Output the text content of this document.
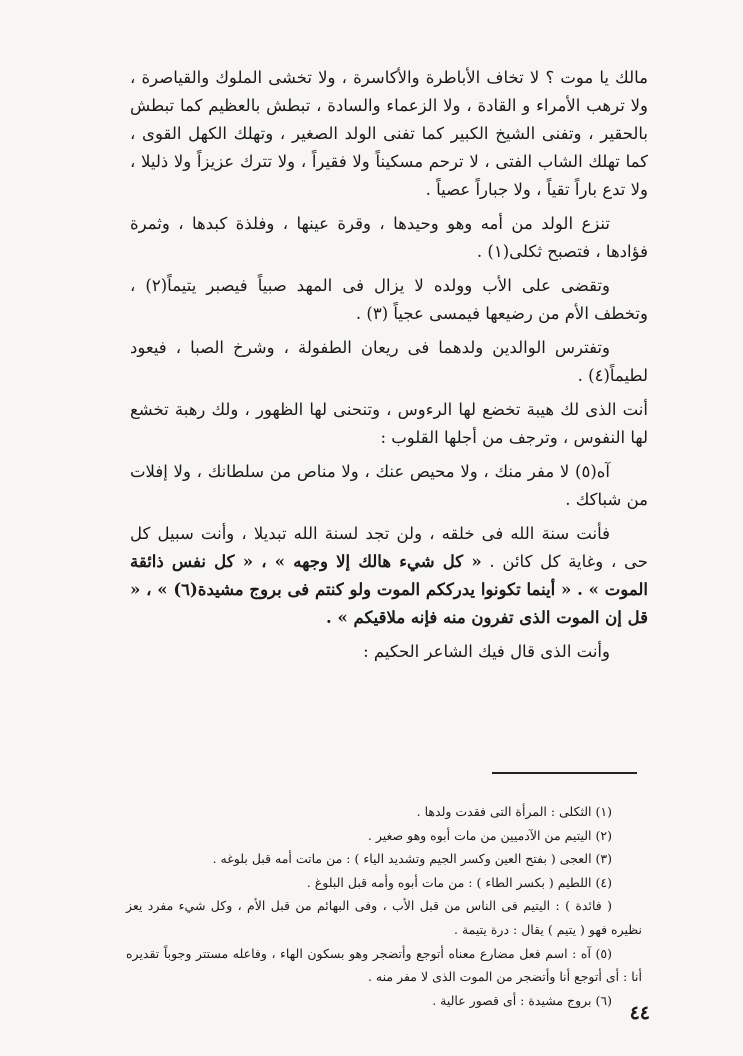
مالك يا موت ؟ لا تخاف الأباطرة والأكاسرة ، ولا تخشى الملوك والقياصرة ، ولا ترهب الأمراء و القادة ، ولا الزعماء والسادة ، تبطش بالعظيم كما تبطش بالحقير ، وتفنى الشيخ الكبير كما تفنى الولد الصغير ، وتهلك الكهل القوى ، كما تهلك الشاب الفتى ، لا ترحم مسكيناً ولا فقيراً ، ولا تترك عزيزاً ولا ذليلا ، ولا تدع باراً تقياً ، ولا جباراً عصياً .

تنزع الولد من أمه وهو وحيدها ، وقرة عينها ، وفلذة كبدها ، وثمرة فؤادها ، فتصبح ثكلى(١) .

وتقضى على الأب وولده لا يزال فى المهد صبياً فيصبر يتيماً(٢) ، وتخطف الأم من رضيعها فيمسى عجياً (٣) .

وتفترس الوالدين ولدهما فى ريعان الطفولة ، وشرخ الصبا ، فيعود لطيماً(٤) .

أنت الذى لك هيبة تخضع لها الرءوس ، وتنحنى لها الظهور ، ولك رهبة تخشع لها النفوس ، وترجف من أجلها القلوب :

آه(٥) لا مفر منك ، ولا محيص عنك ، ولا مناص من سلطانك ، ولا إفلات من شباكك .

فأنت سنة الله فى خلقه ، ولن تجد لسنة الله تبديلا ، وأنت سبيل كل حى ، وغاية كل كائن . « كل شيء هالك إلا وجهه » ، « كل نفس ذائقة الموت » . « أينما تكونوا يدرككم الموت ولو كنتم فى بروج مشيدة(٦) » ، « قل إن الموت الذى تفرون منه فإنه ملاقيكم » .

وأنت الذى قال فيك الشاعر الحكيم :

(١) الثكلى : المرأة التى فقدت ولدها .

(٢) اليتيم من الآدميين من مات أبوه وهو صغير .

(٣) العجى ( بفتح العين وكسر الجيم وتشديد الياء ) : من ماتت أمه قبل بلوغه .

(٤) اللطيم ( بكسر الطاء ) : من مات أبوه وأمه قبل البلوغ .

( فائدة ) : اليتيم فى الناس من قبل الأب ، وفى البهائم من قبل الأم ، وكل شيء مفرد يعز نظيره فهو ( يتيم ) يقال : درة يتيمة .

(٥) آه : اسم فعل مضارع معناه أتوجع وأتضجر وهو بسكون الهاء ، وفاعله مستتر وجوباً تقديره أنا : أى أتوجع أنا وأتضجر من الموت الذى لا مفر منه .

(٦) بروج مشيدة : أى قصور عالية .

٤٤
